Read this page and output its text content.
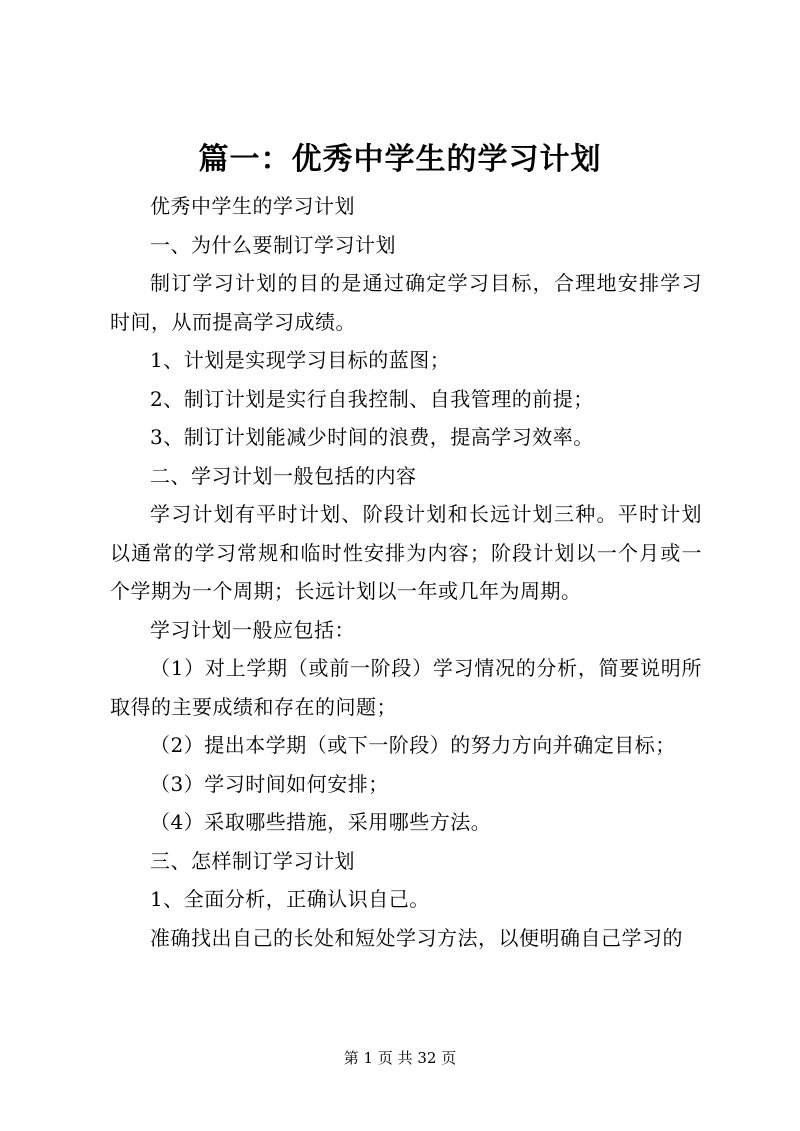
篇一：优秀中学生的学习计划

优秀中学生的学习计划

一、为什么要制订学习计划

制订学习计划的目的是通过确定学习目标，合理地安排学习时间，从而提高学习成绩。

1、计划是实现学习目标的蓝图；

2、制订计划是实行自我控制、自我管理的前提；

3、制订计划能减少时间的浪费，提高学习效率。

二、学习计划一般包括的内容

学习计划有平时计划、阶段计划和长远计划三种。平时计划以通常的学习常规和临时性安排为内容；阶段计划以一个月或一个学期为一个周期；长远计划以一年或几年为周期。

学习计划一般应包括：

（1）对上学期（或前一阶段）学习情况的分析，简要说明所取得的主要成绩和存在的问题；

（2）提出本学期（或下一阶段）的努力方向并确定目标；

（3）学习时间如何安排；

（4）采取哪些措施，采用哪些方法。

三、怎样制订学习计划

1、全面分析，正确认识自己。

准确找出自己的长处和短处学习方法，以便明确自己学习的

第 1 页 共 32 页
